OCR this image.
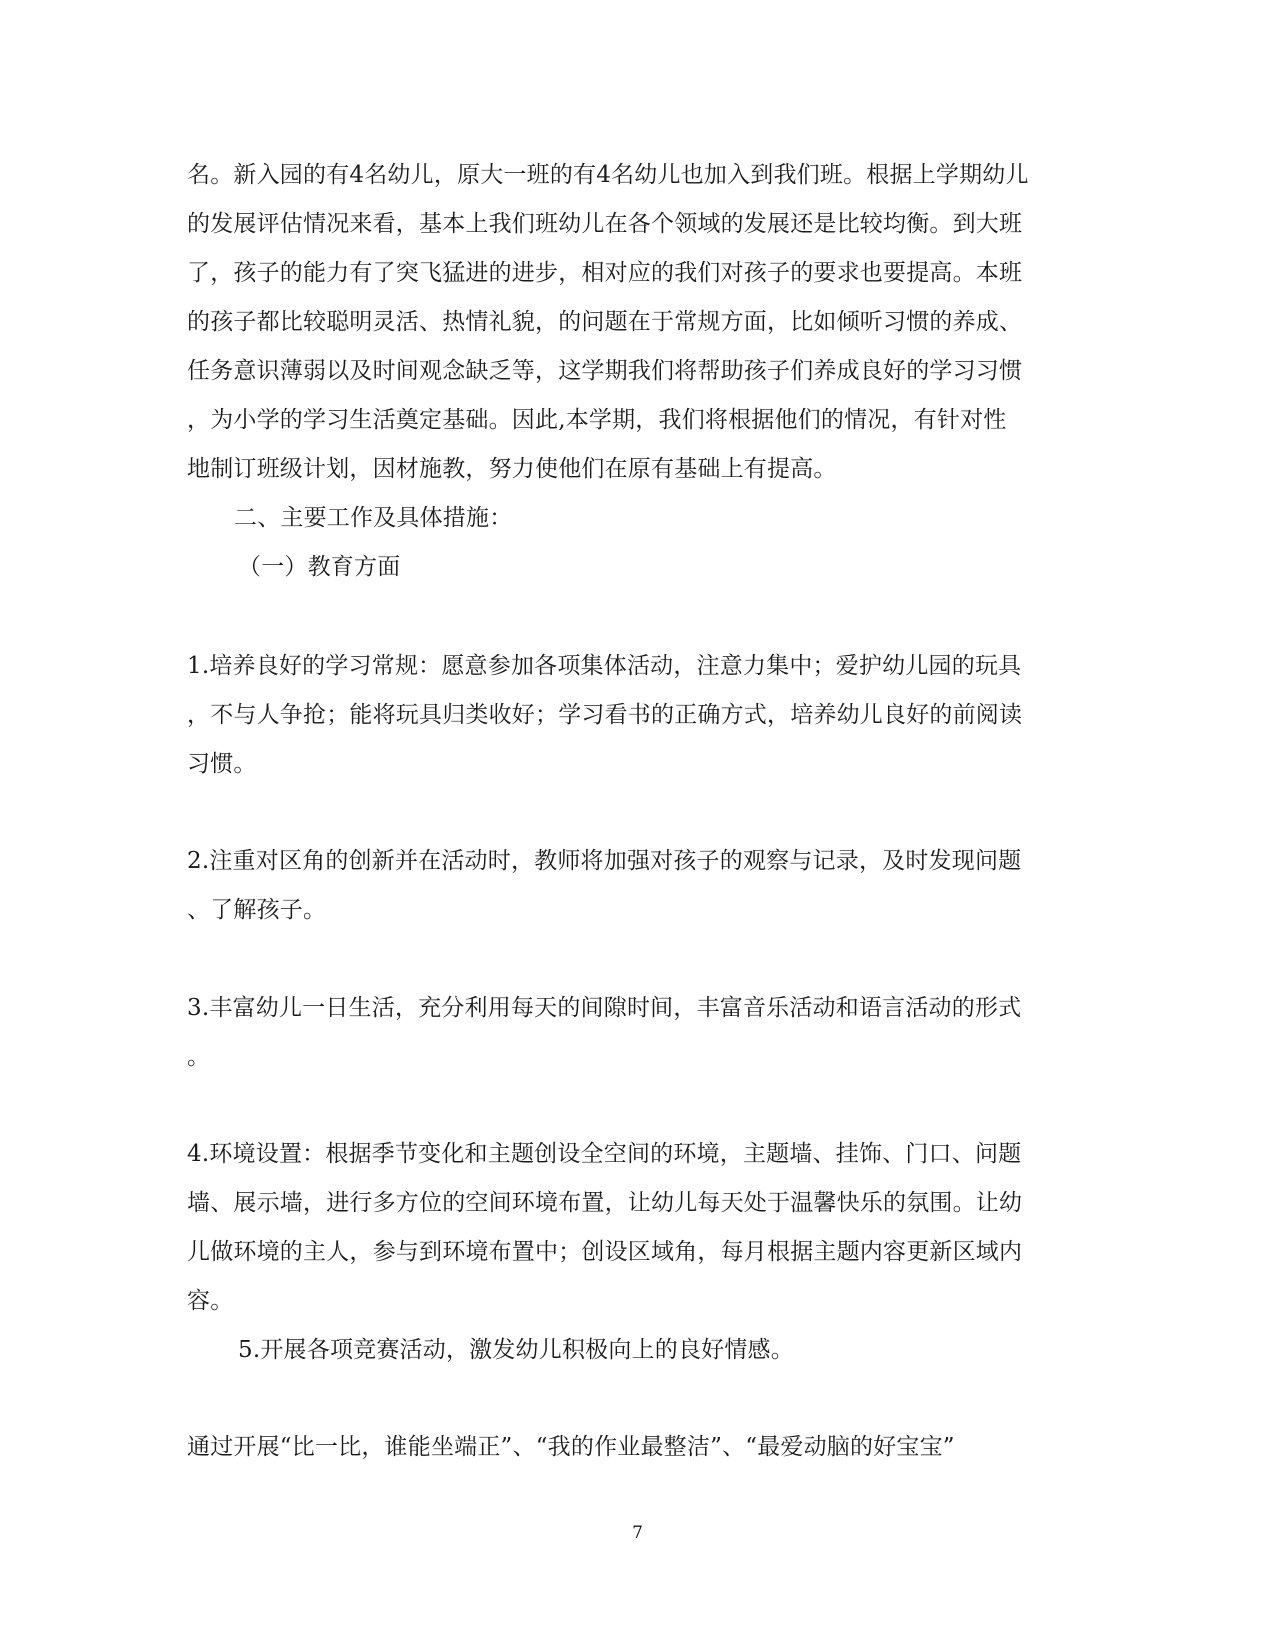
名。新入园的有4名幼儿，原大一班的有4名幼儿也加入到我们班。根据上学期幼儿
的发展评估情况来看，基本上我们班幼儿在各个领域的发展还是比较均衡。到大班
了，孩子的能力有了突飞猛进的进步，相对应的我们对孩子的要求也要提高。本班
的孩子都比较聪明灵活、热情礼貌，的问题在于常规方面，比如倾听习惯的养成、
任务意识薄弱以及时间观念缺乏等，这学期我们将帮助孩子们养成良好的学习习惯
，为小学的学习生活奠定基础。因此,本学期，我们将根据他们的情况，有针对性
地制订班级计划，因材施教，努力使他们在原有基础上有提高。
二、主要工作及具体措施：
（一）教育方面
1.培养良好的学习常规：愿意参加各项集体活动，注意力集中；爱护幼儿园的玩具
，不与人争抢；能将玩具归类收好；学习看书的正确方式，培养幼儿良好的前阅读
习惯。
2.注重对区角的创新并在活动时，教师将加强对孩子的观察与记录，及时发现问题
、了解孩子。
3.丰富幼儿一日生活，充分利用每天的间隙时间，丰富音乐活动和语言活动的形式
。
4.环境设置：根据季节变化和主题创设全空间的环境，主题墙、挂饰、门口、问题
墙、展示墙，进行多方位的空间环境布置，让幼儿每天处于温馨快乐的氛围。让幼
儿做环境的主人，参与到环境布置中；创设区域角，每月根据主题内容更新区域内
容。
5.开展各项竞赛活动，激发幼儿积极向上的良好情感。
通过开展“比一比，谁能坐端正”、“我的作业最整洁”、“最爱动脑的好宝宝”
7
